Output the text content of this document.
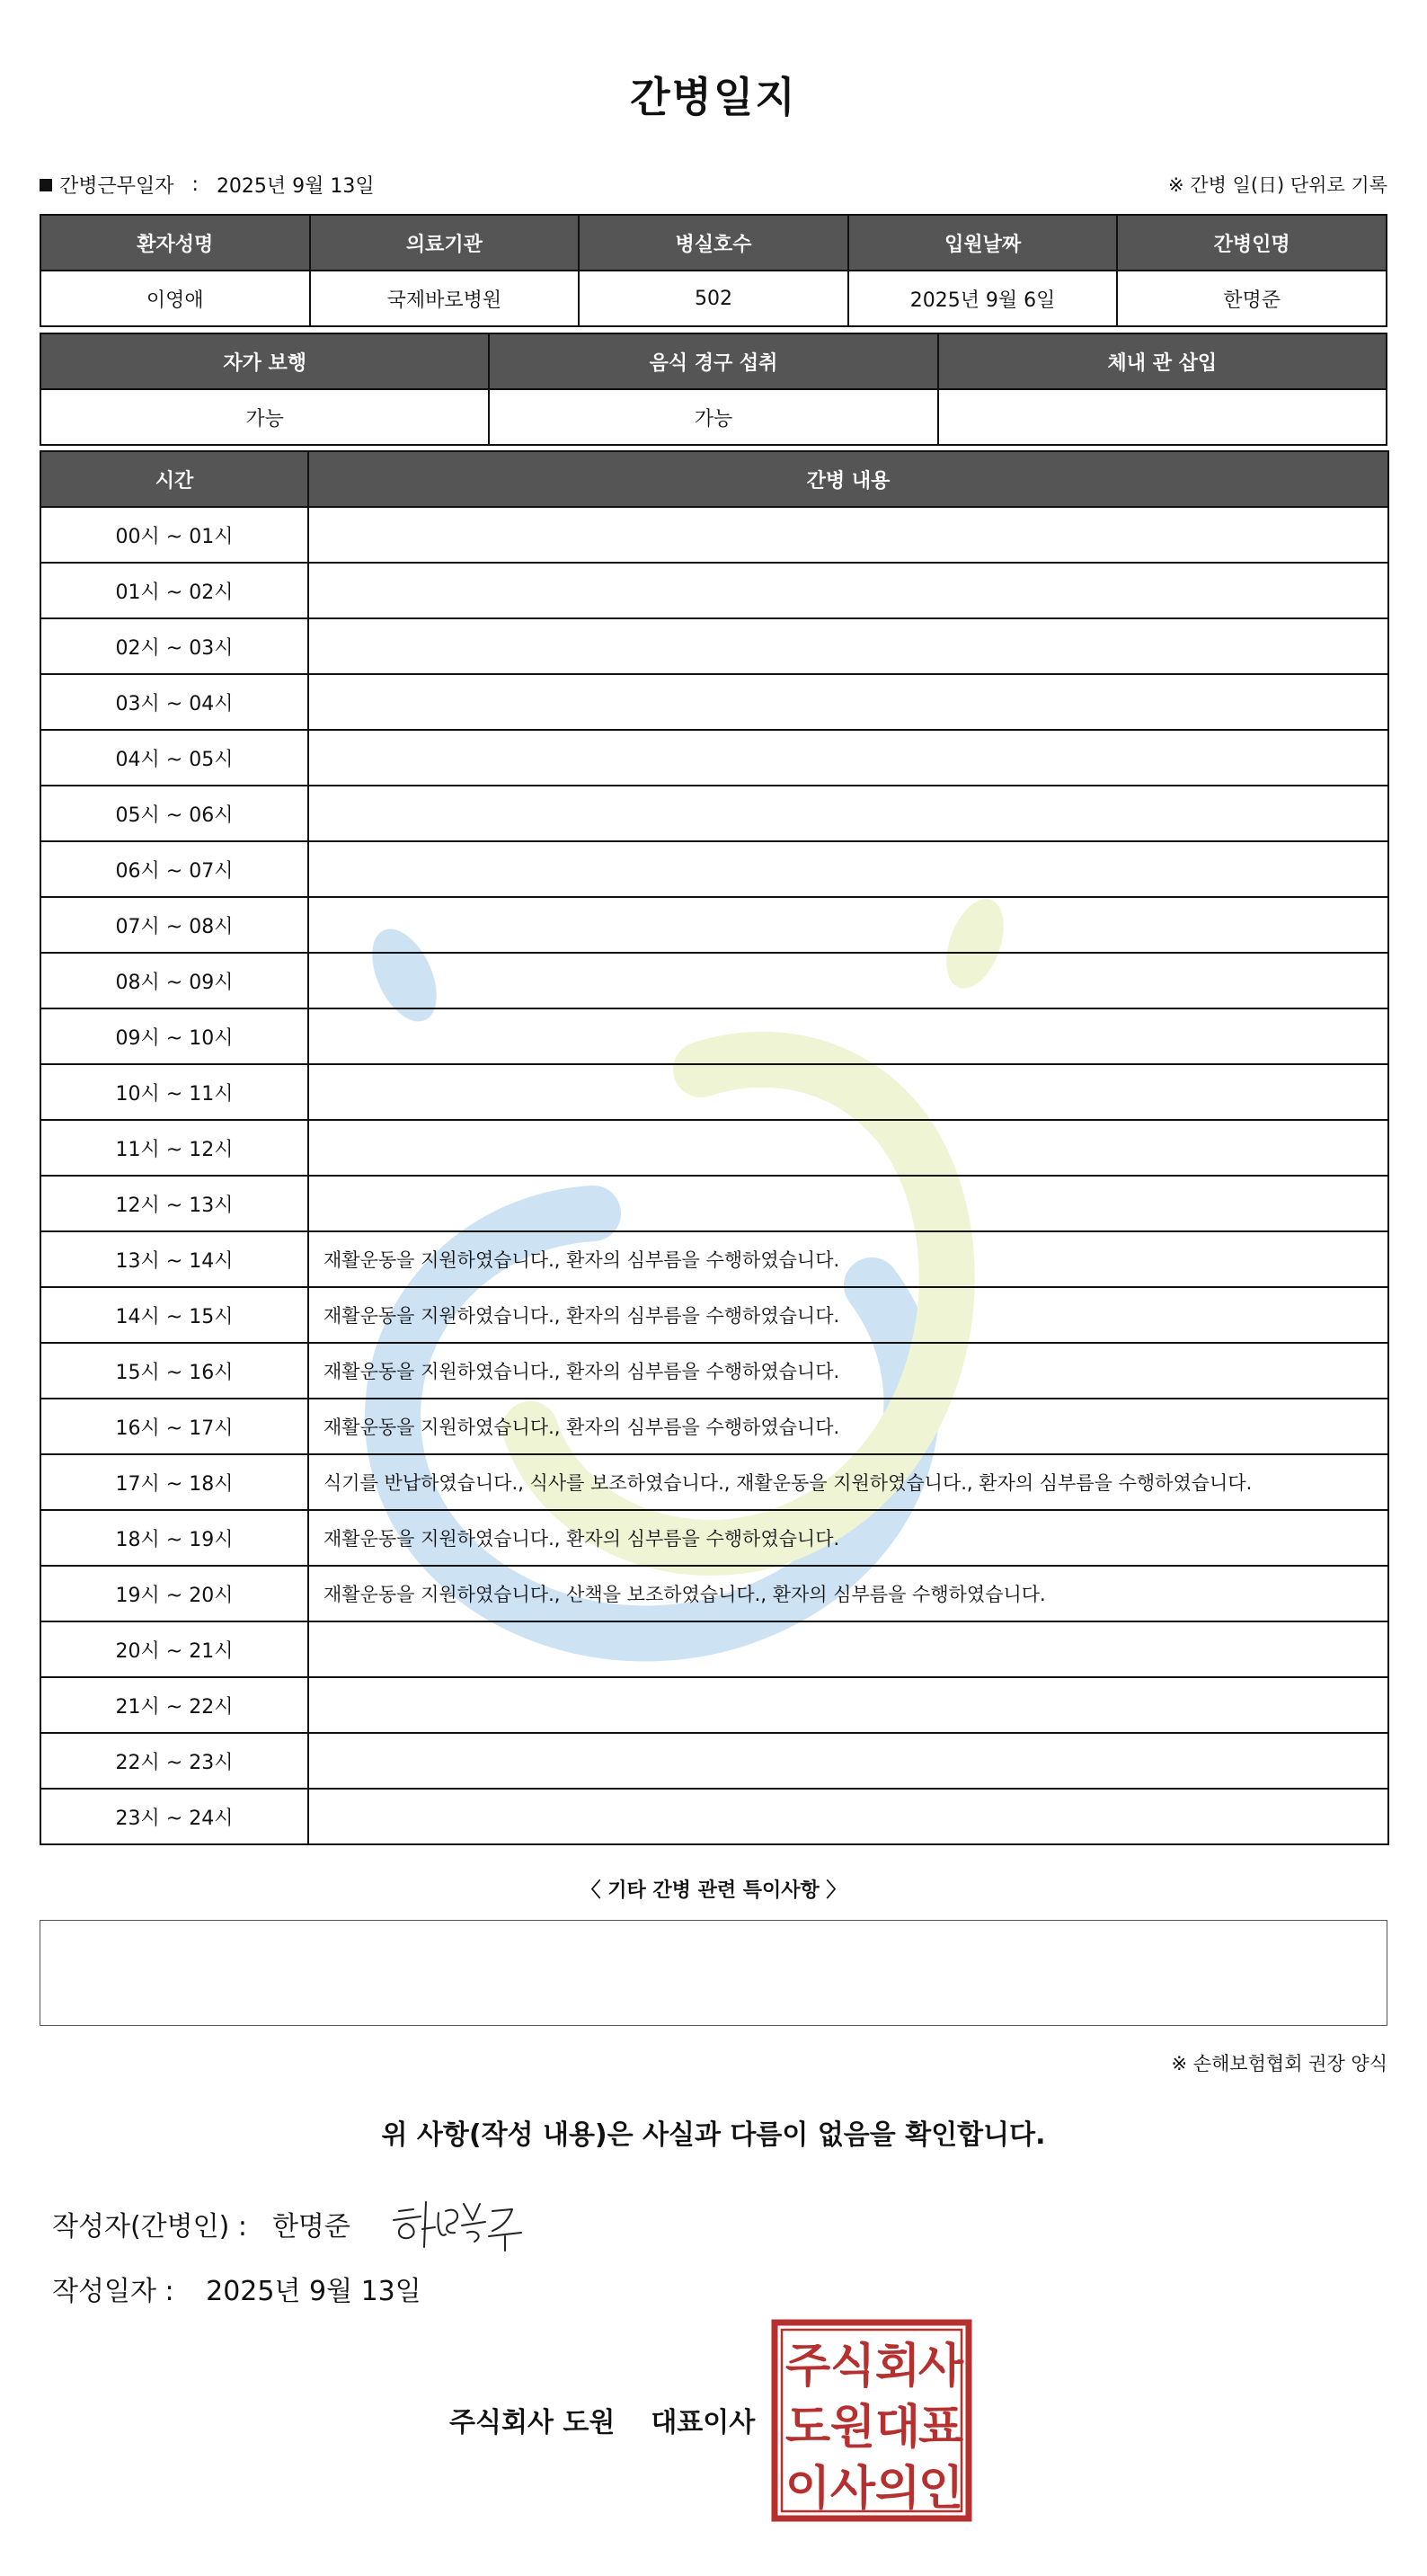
간병일지
간병근무일자 : 2025년 9월 13일	※ 간병 일(日) 단위로 기록
환자성명	의료기관	병실호수	입원날짜	간병인명
이영애	국제바로병원	502	2025년 9월 6일	한명준
자가 보행	음식 경구 섭취	체내 관 삽입
가능	가능	
시간	간병 내용
00시 ~ 01시	
01시 ~ 02시	
02시 ~ 03시	
03시 ~ 04시	
04시 ~ 05시	
05시 ~ 06시	
06시 ~ 07시	
07시 ~ 08시	
08시 ~ 09시	
09시 ~ 10시	
10시 ~ 11시	
11시 ~ 12시	
12시 ~ 13시	
13시 ~ 14시	재활운동을 지원하였습니다., 환자의 심부름을 수행하였습니다.
14시 ~ 15시	재활운동을 지원하였습니다., 환자의 심부름을 수행하였습니다.
15시 ~ 16시	재활운동을 지원하였습니다., 환자의 심부름을 수행하였습니다.
16시 ~ 17시	재활운동을 지원하였습니다., 환자의 심부름을 수행하였습니다.
17시 ~ 18시	식기를 반납하였습니다., 식사를 보조하였습니다., 재활운동을 지원하였습니다., 환자의 심부름을 수행하였습니다.
18시 ~ 19시	재활운동을 지원하였습니다., 환자의 심부름을 수행하였습니다.
19시 ~ 20시	재활운동을 지원하였습니다., 산책을 보조하였습니다., 환자의 심부름을 수행하였습니다.
20시 ~ 21시	
21시 ~ 22시	
22시 ~ 23시	
23시 ~ 24시	
〈 기타 간병 관련 특이사항 〉
※ 손해보험협회 권장 양식
위 사항(작성 내용)은 사실과 다름이 없음을 확인합니다.
작성자(간병인) : 한명준
작성일자 : 2025년 9월 13일
주식회사 도원 대표이사
주 식 회
사
도 원 대
표
이 사 의
인
